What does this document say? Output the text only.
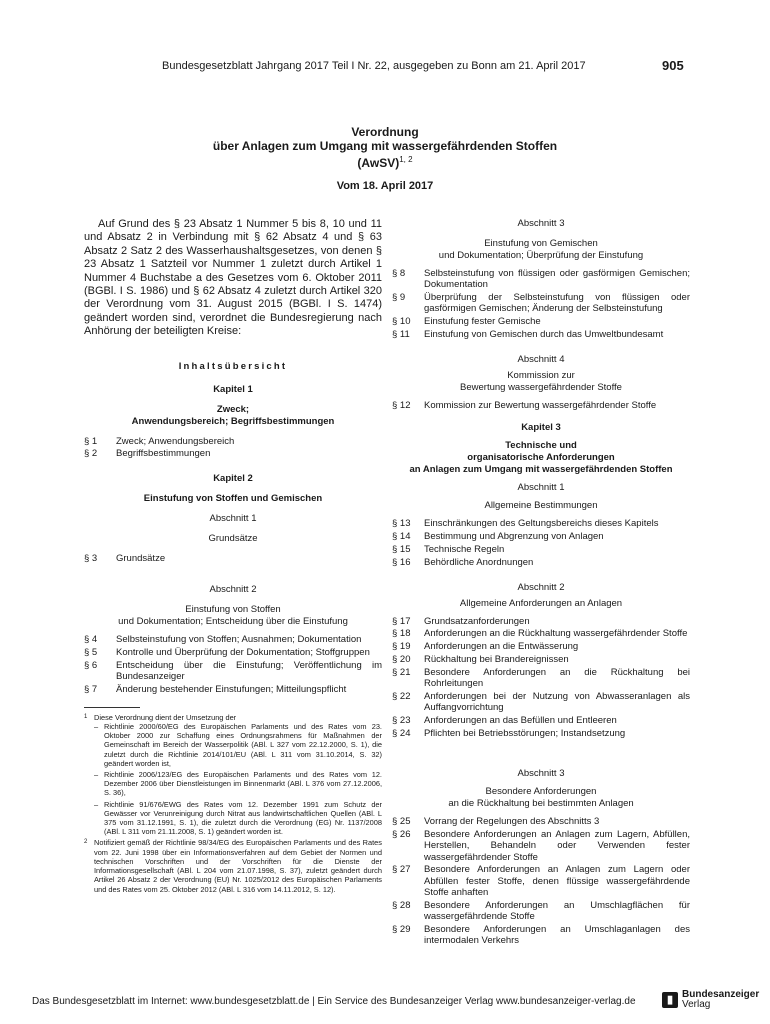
Bundesgesetzblatt Jahrgang 2017 Teil I Nr. 22, ausgegeben zu Bonn am 21. April 2017	905
Verordnung
über Anlagen zum Umgang mit wassergefährdenden Stoffen
(AwSV)$^{1, 2}$
Vom 18. April 2017

Auf Grund des § 23 Absatz 1 Nummer 5 bis 8, 10 und 11 und Absatz 2 in Verbindung mit § 62 Absatz 4 und § 63 Absatz 2 Satz 2 des Wasserhaushaltsgesetzes, von denen § 23 Absatz 1 Satzteil vor Nummer 1 zuletzt durch Artikel 1 Nummer 4 Buchstabe a des Gesetzes vom 6. Oktober 2011 (BGBl. I S. 1986) und § 62 Absatz 4 zuletzt durch Artikel 320 der Verordnung vom 31. August 2015 (BGBl. I S. 1474) geändert worden sind, verordnet die Bundesregierung nach Anhörung der beteiligten Kreise:

Inhaltsübersicht
Kapitel 1
Zweck;
Anwendungsbereich; Begriffsbestimmungen
§ 1	Zweck; Anwendungsbereich
§ 2	Begriffsbestimmungen
Kapitel 2
Einstufung von Stoffen und Gemischen
Abschnitt 1
Grundsätze
§ 3	Grundsätze
Abschnitt 2
Einstufung von Stoffen
und Dokumentation; Entscheidung über die Einstufung
§ 4	Selbsteinstufung von Stoffen; Ausnahmen; Dokumentation
§ 5	Kontrolle und Überprüfung der Dokumentation; Stoffgruppen
§ 6	Entscheidung über die Einstufung; Veröffentlichung im Bundesanzeiger
§ 7	Änderung bestehender Einstufungen; Mitteilungspflicht
1 Diese Verordnung dient der Umsetzung der
– Richtlinie 2000/60/EG des Europäischen Parlaments und des Rates vom 23. Oktober 2000 zur Schaffung eines Ordnungsrahmens für Maßnahmen der Gemeinschaft im Bereich der Wasserpolitik (ABl. L 327 vom 22.12.2000, S. 1), die zuletzt durch die Richtlinie 2014/101/EU (ABl. L 311 vom 31.10.2014, S. 32) geändert worden ist,
– Richtlinie 2006/123/EG des Europäischen Parlaments und des Rates vom 12. Dezember 2006 über Dienstleistungen im Binnenmarkt (ABl. L 376 vom 27.12.2006, S. 36),
– Richtlinie 91/676/EWG des Rates vom 12. Dezember 1991 zum Schutz der Gewässer vor Verunreinigung durch Nitrat aus landwirtschaftlichen Quellen (ABl. L 375 vom 31.12.1991, S. 1), die zuletzt durch die Verordnung (EG) Nr. 1137/2008 (ABl. L 311 vom 21.11.2008, S. 1) geändert worden ist.
2 Notifiziert gemäß der Richtlinie 98/34/EG des Europäischen Parlaments und des Rates vom 22. Juni 1998 über ein Informationsverfahren auf dem Gebiet der Normen und technischen Vorschriften und der Vorschriften für die Dienste der Informationsgesellschaft (ABl. L 204 vom 21.07.1998, S. 37), zuletzt geändert durch Artikel 26 Absatz 2 der Verordnung (EU) Nr. 1025/2012 des Europäischen Parlaments und des Rates vom 25. Oktober 2012 (ABl. L 316 vom 14.11.2012, S. 12).
Abschnitt 3
Einstufung von Gemischen
und Dokumentation; Überprüfung der Einstufung
§ 8	Selbsteinstufung von flüssigen oder gasförmigen Gemischen; Dokumentation
§ 9	Überprüfung der Selbsteinstufung von flüssigen oder gasförmigen Gemischen; Änderung der Selbsteinstufung
§ 10	Einstufung fester Gemische
§ 11	Einstufung von Gemischen durch das Umweltbundesamt
Abschnitt 4
Kommission zur
Bewertung wassergefährdender Stoffe
§ 12	Kommission zur Bewertung wassergefährdender Stoffe
Kapitel 3
Technische und
organisatorische Anforderungen
an Anlagen zum Umgang mit wassergefährdenden Stoffen
Abschnitt 1
Allgemeine Bestimmungen
§ 13	Einschränkungen des Geltungsbereichs dieses Kapitels
§ 14	Bestimmung und Abgrenzung von Anlagen
§ 15	Technische Regeln
§ 16	Behördliche Anordnungen
Abschnitt 2
Allgemeine Anforderungen an Anlagen
§ 17	Grundsatzanforderungen
§ 18	Anforderungen an die Rückhaltung wassergefährdender Stoffe
§ 19	Anforderungen an die Entwässerung
§ 20	Rückhaltung bei Brandereignissen
§ 21	Besondere Anforderungen an die Rückhaltung bei Rohrleitungen
§ 22	Anforderungen bei der Nutzung von Abwasseranlagen als Auffangvorrichtung
§ 23	Anforderungen an das Befüllen und Entleeren
§ 24	Pflichten bei Betriebsstörungen; Instandsetzung
Abschnitt 3
Besondere Anforderungen
an die Rückhaltung bei bestimmten Anlagen
§ 25	Vorrang der Regelungen des Abschnitts 3
§ 26	Besondere Anforderungen an Anlagen zum Lagern, Abfüllen, Herstellen, Behandeln oder Verwenden fester wassergefährdender Stoffe
§ 27	Besondere Anforderungen an Anlagen zum Lagern oder Abfüllen fester Stoffe, denen flüssige wassergefährdende Stoffe anhaften
§ 28	Besondere Anforderungen an Umschlagflächen für wassergefährdende Stoffe
§ 29	Besondere Anforderungen an Umschlaganlagen des intermodalen Verkehrs
Das Bundesgesetzblatt im Internet: www.bundesgesetzblatt.de | Ein Service des Bundesanzeiger Verlag www.bundesanzeiger-verlag.de	▮ Bundesanzeiger
Verlag
